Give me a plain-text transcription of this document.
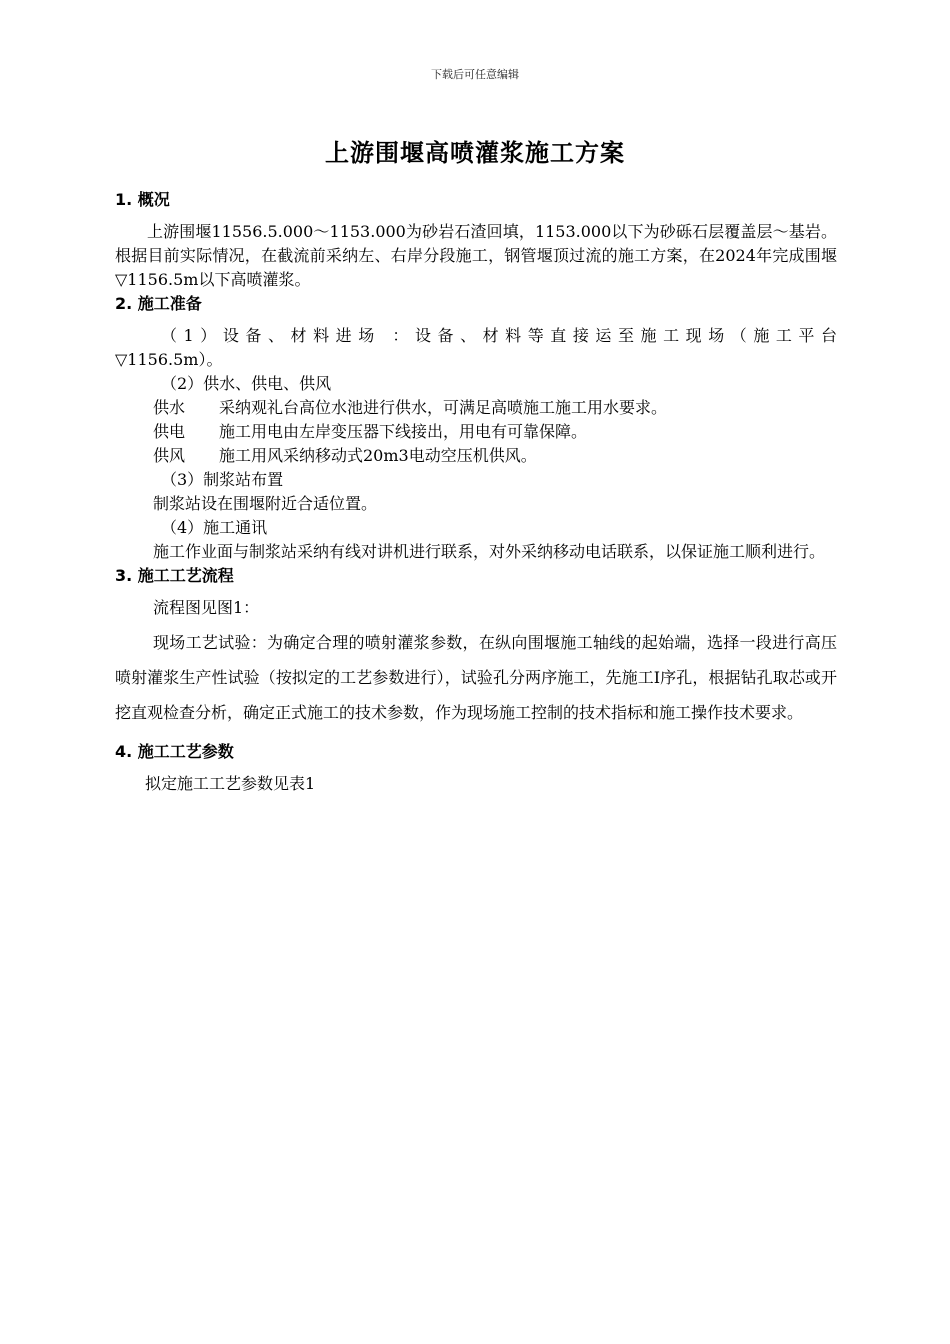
下载后可任意编辑
上游围堰高喷灌浆施工方案

1. 概况

上游围堰11556.5.000～1153.000为砂岩石渣回填，1153.000以下为砂砾石层覆盖层～基岩。根据目前实际情况，在截流前采纳左、右岸分段施工，钢管堰顶过流的施工方案，在2024年完成围堰▽1156.5m以下高喷灌浆。

2. 施工准备

（1）设备、材料进场 ：设备、材料等直接运至施工现场（施工平台

▽1156.5m）。

（2）供水、供电、供风

供水	采纳观礼台高位水池进行供水，可满足高喷施工施工用水要求。
供电	施工用电由左岸变压器下线接出，用电有可靠保障。
供风	施工用风采纳移动式20m3电动空压机供风。

（3）制浆站布置

制浆站设在围堰附近合适位置。

（4）施工通讯

施工作业面与制浆站采纳有线对讲机进行联系，对外采纳移动电话联系，以保证施工顺利进行。

3. 施工工艺流程

流程图见图1：

现场工艺试验：为确定合理的喷射灌浆参数，在纵向围堰施工轴线的起始端，选择一段进行高压喷射灌浆生产性试验（按拟定的工艺参数进行），试验孔分两序施工，先施工Ⅰ序孔，根据钻孔取芯或开挖直观检查分析，确定正式施工的技术参数，作为现场施工控制的技术指标和施工操作技术要求。

4. 施工工艺参数

拟定施工工艺参数见表1
